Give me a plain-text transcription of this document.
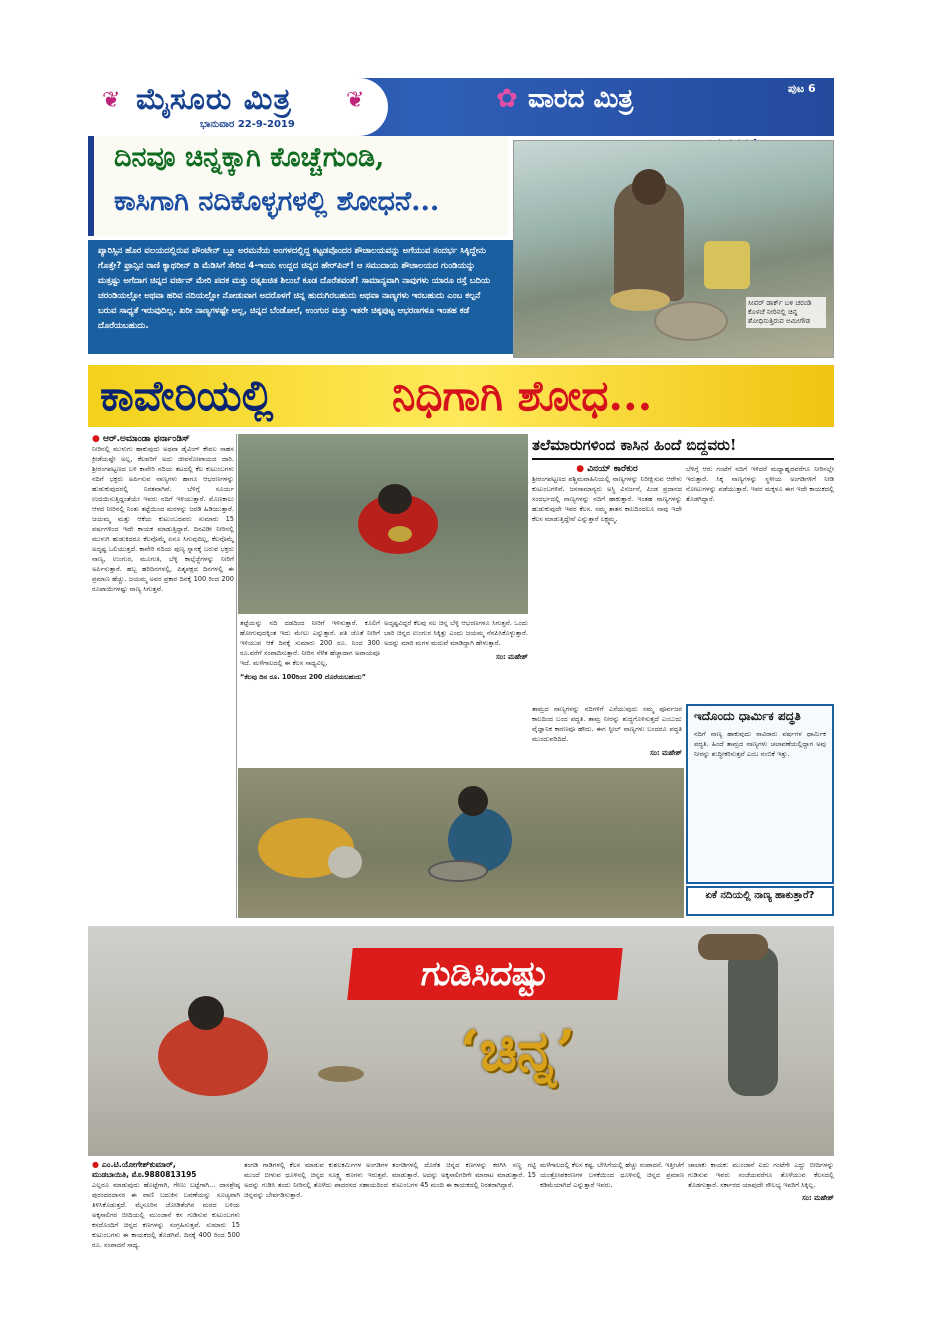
❦ ಮೈಸೂರು ಮಿತ್ರ ❦
ಭಾನುವಾರ 22-9-2019
✿ ವಾರದ ಮಿತ್ರ	ಪುಟ 6
ದಿನವೂ ಚಿನ್ನಕ್ಕಾಗಿ ಕೊಚ್ಚೆಗುಂಡಿ,
ಕಾಸಿಗಾಗಿ ನದಿಕೊಳ್ಳಗಳಲ್ಲಿ ಶೋಧನೆ...
ಸೀವರ್ ಡಾರ್ಕ್ ಬಳಿ ಚರಂಡಿ ಕೊಳಚೆ ನೀರಿನಲ್ಲಿ ಚಿನ್ನ ಶೋಧಿಸುತ್ತಿರುವ ಅಮೀಗೌಡ
ಪ್ಯಾರಿಸ್ಸಿನ ಹೊರ ವಲಯದಲ್ಲಿರುವ ಪೌಂಟೇನ್ ಬ್ಲೂ ಅರಮನೆಯ ಅಂಗಳದಲ್ಲಿದ್ದ ಕಟ್ಟಡವೊಂದರ ಶೌಚಾಲಯವನ್ನು ಅಗೆಯುವ ಸಂದರ್ಭ ಸಿಕ್ಕಿದ್ದೇನು ಗೊತ್ತೇ? ಫ್ರಾನ್ಸಿನ ರಾಣಿ ಕ್ಯಾಥರೀನ್ ಡಿ ಮೆಡಿಸಿಗೆ ಸೇರಿದ 4-ಇಂಚು ಉದ್ದದ ಚಿನ್ನದ ಹೇರ್‌ಪಿನ್! ಆ ಸಮುದಾಯ ಶೌಚಾಲಯದ ಗುಂಡಿಯನ್ನು ಮತ್ತಷ್ಟು ಅಗೆದಾಗ ಚಿನ್ನದ ವರ್ಜಿನ್ ಮೇರಿ ಪದಕ ಮತ್ತು ರತ್ನಖಚಿತ ಶಿಲುಬೆ ಕೂಡ ದೊರೆತವಂತೆ! ಸಾಮಾನ್ಯವಾಗಿ ನಾವುಗಳು ಯಾರೂ ರಸ್ತೆ ಬದಿಯ ಚರಂಡಿಯಲ್ಲೋ ಅಥವಾ ಹರಿವ ನದಿಯಲ್ಲೋ ನೋಡುವಾಗ ಅದರೊಳಗೆ ಚಿನ್ನ ಹುದುಗಿರಬಹುದು ಅಥವಾ ನಾಣ್ಯಗಳು ಇರಬಹುದು ಎಂಬ ಕಲ್ಪನೆ ಬರುವ ಸಾಧ್ಯತೆ ಇರುವುದಿಲ್ಲ. ಖರೀ ನಾಣ್ಯಗಳಷ್ಟೇ ಅಲ್ಲ, ಚಿನ್ನದ ಬೆಂಡೋಲೆ, ಉಂಗುರ ಮತ್ತು ಇತರೇ ಚಿಕ್ಕಪುಟ್ಟ ಆಭರಣಗಳೂ ಇಂತಹ ಕಡೆ ದೊರೆಯಬಹುದು.
ಕಾವೇರಿಯಲ್ಲಿ	ನಿಧಿಗಾಗಿ ಶೋಧ...
● ಆರ್.ಅಮಾಂಡಾ ಫರ್ನಾಂಡಿಸ್
ನೀರಿನಲ್ಲಿ ಮುಳುಗು ಹಾಕುವುದು ಅಥವಾ ಡೈವಿಂಗ್ ಕೇವಲ ಸಾಹಸ ಕ್ರೀಡೆಯಷ್ಟೇ ಅಲ್ಲ, ಕೆಲವರಿಗೆ ಅದು ಜೀವನೋಪಾಯದ ದಾರಿ. ಶ್ರೀರಂಗಪಟ್ಟಣದ ಬಳಿ ಕಾವೇರಿ ನದಿಯ ತಟದಲ್ಲಿ ಕೆಲ ಕುಟುಂಬಗಳು ನದಿಗೆ ಭಕ್ತರು ಅರ್ಪಿಸುವ ನಾಣ್ಯಗಳು ಹಾಗೂ ಆಭರಣಗಳನ್ನು ಹುಡುಕುವುದರಲ್ಲಿ ನಿರತವಾಗಿವೆ. ಬೆಳಿಗ್ಗೆ ಸೂರ್ಯ ಉದಯಿಸುತ್ತಿದ್ದಂತೆಯೇ ಇವರು ನದಿಗೆ ಇಳಿಯುತ್ತಾರೆ. ಮೊಣಕಾಲು ಆಳದ ನೀರಿನಲ್ಲಿ ನಿಂತು ತಟ್ಟೆಯಿಂದ ಮರಳನ್ನು ಜರಡಿ ಹಿಡಿಯುತ್ತಾರೆ. ಜಯಮ್ಮ ಮತ್ತು ಆಕೆಯ ಕುಟುಂಬದವರು ಸುಮಾರು 15 ವರ್ಷಗಳಿಂದ ಇದೇ ಕಾಯಕ ಮಾಡುತ್ತಿದ್ದಾರೆ. ದಿನವಿಡೀ ನೀರಿನಲ್ಲಿ ಮುಳುಗಿ ಹುಡುಕಿದರೂ ಕೆಲವೊಮ್ಮೆ ಏನೂ ಸಿಗುವುದಿಲ್ಲ, ಕೆಲವೊಮ್ಮೆ ಅದೃಷ್ಟ ಒಲಿಯುತ್ತದೆ. ಕಾವೇರಿ ನದಿಯ ಪುಣ್ಯ ಸ್ನಾನಕ್ಕೆ ಬರುವ ಭಕ್ತರು ನಾಣ್ಯ, ಉಂಗುರ, ಮೂಗುತಿ, ಬೆಳ್ಳಿ ಕಾಲ್ಗೆಜ್ಜೆಗಳನ್ನು ನೀರಿಗೆ ಅರ್ಪಿಸುತ್ತಾರೆ. ಹಬ್ಬ ಹರಿದಿನಗಳಲ್ಲಿ, ಪಿತೃಪಕ್ಷದ ದಿನಗಳಲ್ಲಿ ಈ ಪ್ರಮಾಣ ಹೆಚ್ಚು. ಜಯಮ್ಮ ಅವರ ಪ್ರಕಾರ ದಿನಕ್ಕೆ 100 ರಿಂದ 200 ರೂಪಾಯಿಗಳಷ್ಟು ನಾಣ್ಯ ಸಿಗುತ್ತವೆ.
ತಟ್ಟೆಯನ್ನು ನದಿ ದಡದಿಂದ ನೀರಿಗೆ ಇಳಿಸುತ್ತಾರೆ. ಕೂಲಿಗೆ ಹೋಗುವುದಕ್ಕಿಂತ ಇದು ಮೇಲು ಎನ್ನುತ್ತಾರೆ. ಪತಿ ಜೊತೆ ನೀರಿಗೆ ಇಳಿಯುವ ಆಕೆ ದಿನಕ್ಕೆ ಸುಮಾರು 200 ರೂ. ನಿಂದ 300 ರೂ.ವರೆಗೆ ಸಂಪಾದಿಸುತ್ತಾರೆ. ನೀರಿನ ಸೆಳೆತ ಹೆಚ್ಚಾದಾಗ ಅಪಾಯವೂ ಇದೆ. ಮಳೆಗಾಲದಲ್ಲಿ ಈ ಕೆಲಸ ಸಾಧ್ಯವಿಲ್ಲ.
“ಕೆಲವು ದಿನ ರೂ. 100ರಿಂದ 200 ದೊರೆಯಬಹುದು”
ಅದೃಷ್ಟವಿದ್ದರೆ ಕೆಲವು ಸಲ ಚಿನ್ನ ಬೆಳ್ಳಿ ಆಭರಣಗಳೂ ಸಿಗುತ್ತವೆ. ಒಂದು ಬಾರಿ ಚಿನ್ನದ ಉಂಗುರ ಸಿಕ್ಕಿತ್ತು ಎಂದು ಜಯಮ್ಮ ನೆನಪಿಸಿಕೊಳ್ಳುತ್ತಾರೆ. ಅದನ್ನು ಮಾರಿ ಮಗಳ ಮದುವೆ ಮಾಡಿದ್ದಾಗಿ ಹೇಳುತ್ತಾರೆ.
ಸಂ: ಮಹೇಶ್
ತಲೆಮಾರುಗಳಿಂದ ಕಾಸಿನ ಹಿಂದೆ ಬಿದ್ದವರು!
● ವಿನಯ್ ಕಾರೆಕುರ
ಶ್ರೀರಂಗಪಟ್ಟಣದ ಪಶ್ಚಿಮವಾಹಿನಿಯಲ್ಲಿ ನಾಣ್ಯಗಳನ್ನು ನಿರೀಕ್ಷಿಸುವ ಆರೇಳು ಕುಟುಂಬಗಳಿವೆ. ಜನಸಾಮಾನ್ಯರು ಅಸ್ಥಿ ವಿಸರ್ಜನೆ, ಪಿಂಡ ಪ್ರದಾನದ ಸಂದರ್ಭದಲ್ಲಿ ನಾಣ್ಯಗಳನ್ನು ನದಿಗೆ ಹಾಕುತ್ತಾರೆ. ಇಂತಹ ನಾಣ್ಯಗಳನ್ನು ಹುಡುಕುವುದೇ ಇವರ ಕೆಲಸ. ನಮ್ಮ ತಾತನ ಕಾಲದಿಂದಲೂ ನಾವು ಇದೇ ಕೆಲಸ ಮಾಡುತ್ತಿದ್ದೇವೆ ಎನ್ನುತ್ತಾರೆ ಲಕ್ಷ್ಮಮ್ಮ.
ಬೆಳಿಗ್ಗೆ ಆರು ಗಂಟೆಗೆ ನದಿಗೆ ಇಳಿದರೆ ಮಧ್ಯಾಹ್ನದವರೆಗೂ ನೀರಿನಲ್ಲೇ ಇರುತ್ತಾರೆ. ಸಿಕ್ಕ ನಾಣ್ಯಗಳನ್ನು ಸ್ಥಳೀಯ ಅಂಗಡಿಗಳಿಗೆ ನೀಡಿ ನೋಟುಗಳನ್ನು ಪಡೆಯುತ್ತಾರೆ. ಇವರ ಮಕ್ಕಳೂ ಈಗ ಇದೇ ಕಾಯಕದಲ್ಲಿ ತೊಡಗಿದ್ದಾರೆ.
ತಾಮ್ರದ ನಾಣ್ಯಗಳನ್ನು ನದಿಗಳಿಗೆ ಎಸೆಯುವುದು ನಮ್ಮ ಪೂರ್ವಜರ ಕಾಲದಿಂದ ಬಂದ ಪದ್ಧತಿ. ತಾಮ್ರ ನೀರನ್ನು ಶುದ್ಧಗೊಳಿಸುತ್ತದೆ ಎಂಬುದು ವೈಜ್ಞಾನಿಕ ಕಾರಣವೂ ಹೌದು. ಈಗ ಸ್ಟೀಲ್ ನಾಣ್ಯಗಳು ಬಂದರೂ ಪದ್ಧತಿ ಮುಂದುವರಿದಿದೆ.
ಸಂ: ಮಹೇಶ್
ಇದೊಂದು ಧಾರ್ಮಿಕ ಪದ್ಧತಿ
ನದಿಗೆ ನಾಣ್ಯ ಹಾಕುವುದು ಸಾವಿರಾರು ವರ್ಷಗಳ ಧಾರ್ಮಿಕ ಪದ್ಧತಿ. ಹಿಂದೆ ತಾಮ್ರದ ನಾಣ್ಯಗಳು ಚಲಾವಣೆಯಲ್ಲಿದ್ದಾಗ ಅವು ನೀರನ್ನು ಶುದ್ಧೀಕರಿಸುತ್ತವೆ ಎಂಬ ನಂಬಿಕೆ ಇತ್ತು.
ಏಕೆ ನದಿಯಲ್ಲಿ ನಾಣ್ಯ ಹಾಕುತ್ತಾರೆ?
ಗುಡಿಸಿದಷ್ಟು
‘ಚಿನ್ನ’
● ಎಂ.ಟಿ.ಯೋಗೇಶ್‌ಕುಮಾರ್,
ಮುಡಬಾಯಿತಿ, ಮೊ.9880813195
ಎಲ್ಲರೂ ಮಾಡುವುದು ಹೊಟ್ಟೆಗಾಗಿ, ಗೇಣು ಬಟ್ಟೆಗಾಗಿ... ದಾಸಶ್ರೇಷ್ಠ ಪುರಂದರದಾಸರ ಈ ವಾಣಿ ಬದುಕಿನ ಬವಣೆಯನ್ನು ಸೂಚ್ಯವಾಗಿ ತಿಳಿಸಿಕೊಡುತ್ತದೆ. ಮೈಸೂರಿನ ಜೋಡಿತೆಂಗಿನ ಮರದ ಬಳಿಯ ಅಕ್ಕಸಾಲಿಗರ ಬೀದಿಯಲ್ಲಿ ಮುಂಜಾನೆ ಕಸ ಗುಡಿಸುವ ಕುಟುಂಬಗಳು ಕಸದೊಂದಿಗೆ ಚಿನ್ನದ ಕಣಗಳನ್ನು ಸಂಗ್ರಹಿಸುತ್ತವೆ. ಸುಮಾರು 15 ಕುಟುಂಬಗಳು ಈ ಕಾಯಕದಲ್ಲಿ ತೊಡಗಿವೆ. ದಿನಕ್ಕೆ 400 ರಿಂದ 500 ರೂ. ಸಂಪಾದನೆ ಸಾಧ್ಯ.
ತಂಗಡಿ ಗಾಡಿಗಳಲ್ಲಿ ಕೆಲಸ ಮಾಡುವ ಕುಶಲಕರ್ಮಿಗಳ ಅಂಗಡಿಗಳ ಮುಂದೆ ಬೀಳುವ ಧೂಳಿನಲ್ಲಿ ಚಿನ್ನದ ಸೂಕ್ಷ್ಮ ಕಣಗಳು ಇರುತ್ತವೆ. ಅದನ್ನು ಗುಡಿಸಿ ತಂದು ನೀರಿನಲ್ಲಿ ತೊಳೆದು ಪಾದರಸದ ಸಹಾಯದಿಂದ ಚಿನ್ನವನ್ನು ಬೇರ್ಪಡಿಸುತ್ತಾರೆ.
ತಂಗಡಿಗಳಲ್ಲಿ ದೊರೆತ ಚಿನ್ನದ ಕಣಗಳನ್ನು ಕರಗಿಸಿ ಸಣ್ಣ ಗಟ್ಟಿ ಮಾಡುತ್ತಾರೆ. ಅದನ್ನು ಅಕ್ಕಸಾಲಿಗರಿಗೇ ಮಾರಾಟ ಮಾಡುತ್ತಾರೆ. 15 ಕುಟುಂಬಗಳ 45 ಮಂದಿ ಈ ಕಾಯಕದಲ್ಲಿ ನಿರತರಾಗಿದ್ದಾರೆ.
ಮಳೆಗಾಲದಲ್ಲಿ ಕೆಲಸ ಕಷ್ಟ. ಬೇಸಿಗೆಯಲ್ಲಿ ಹೆಚ್ಚು ಸಂಪಾದನೆ. ಇತ್ತೀಚೆಗೆ ಯಂತ್ರೋಪಕರಣಗಳ ಬಳಕೆಯಿಂದ ಧೂಳಿನಲ್ಲಿ ಚಿನ್ನದ ಪ್ರಮಾಣ ಕಡಿಮೆಯಾಗಿದೆ ಎನ್ನುತ್ತಾರೆ ಇವರು.
ಚಾಲಾಕು ಕಾಯಕ: ಮುಂಜಾನೆ ಐದು ಗಂಟೆಗೇ ಎದ್ದು ಬೀದಿಗಳನ್ನು ಗುಡಿಸುವ ಇವರು ಸಂಜೆಯವರೆಗೂ ತೊಳೆಯುವ ಕೆಲಸದಲ್ಲಿ ತೊಡಗುತ್ತಾರೆ. ಸರ್ಕಾರದ ಯಾವುದೇ ಸೌಲಭ್ಯ ಇವರಿಗೆ ಸಿಕ್ಕಿಲ್ಲ.
ಸಂ: ಮಹೇಶ್
